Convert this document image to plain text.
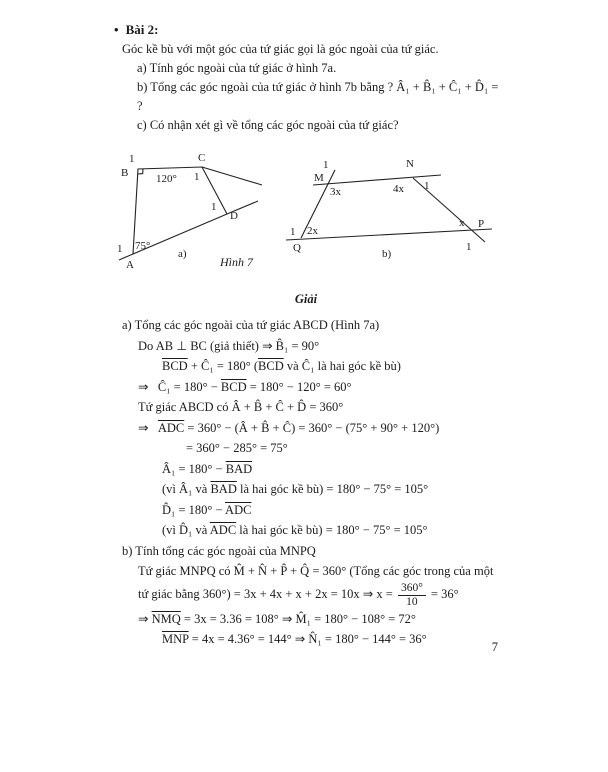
• Bài 2:
Góc kề bù với một góc của tứ giác gọi là góc ngoài của tứ giác.
a) Tính góc ngoài của tứ giác ở hình 7a.
b) Tổng các góc ngoài của tứ giác ở hình 7b bằng ? Â₁ + B̂₁ + Ĉ₁ + D̂₁ = ?
c) Có nhận xét gì về tổng các góc ngoài của tứ giác?
1
B
C
120° 1
D
1
75°
1
A
a)
1
M
3x
N
4x 1
P
x
1
1 2x
Q	b)
Hình 7
Giải
a) Tổng các góc ngoài của tứ giác ABCD (Hình 7a)
Do AB ⊥ BC (giả thiết) ⇒ B̂₁ = 90°
$\overline{BCD}$ + Ĉ₁ = 180° ($\overline{BCD}$ và Ĉ₁ là hai góc kề bù)
⇒   Ĉ₁ = $180^\circ - \overline{BCD} = 180^\circ - 120^\circ = 60^\circ$
Tứ giác ABCD có Â + B̂ + Ĉ + D̂ = 360°
⇒   $\overline{ADC} = 360^\circ$ − (Â + B̂ + Ĉ) = 360° − (75° + 90° + 120°)
= 360° − 285° = 75°
Â₁ = $180^\circ - \overline{BAD}$
(vì Â₁ và $\overline{BAD}$ là hai góc kề bù) = 180° − 75° = 105°
D̂₁ = $180^\circ - \overline{ADC}$
(vì D̂₁ và $\overline{ADC}$ là hai góc kề bù) = 180° − 75° = 105°
b) Tính tổng các góc ngoài của MNPQ
Tứ giác MNPQ có M̂ + N̂ + P̂ + Q̂ = 360° (Tổng các góc trong của một
tứ giác bằng 360°) = 3x + 4x + x + 2x = 10x ⇒ $x = \frac{360^\circ}{10} = 36^\circ$
⇒ $\overline{NMQ} = 3x = 3.36 = 108^\circ$ ⇒ M̂₁ = 180° − 108° = 72°
$\overline{MNP} = 4x = 4.36^\circ = 144^\circ$ ⇒ N̂₁ = 180° − 144° = 36°
7
